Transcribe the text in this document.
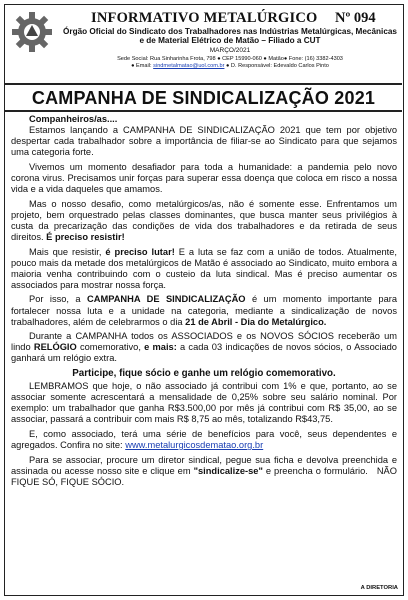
INFORMATIVO METALÚRGICO Nº 094
Órgão Oficial do Sindicato dos Trabalhadores nas Indústrias Metalúrgicas, Mecânicas e de Material Elétrico de Matão – Filiado a CUT
MARÇO/2021
Sede Social: Rua Sinharinha Frota, 798 ● CEP 15990-060 ● Matão● Fone: (16) 3382-4303
● Email: sindmetalmatao@uol.com.br ● D. Responsável: Edevaldo Carlos Pinto
CAMPANHA DE SINDICALIZAÇÃO 2021

Companheiros/as....

Estamos lançando a CAMPANHA DE SINDICALIZAÇÃO 2021 que tem por objetivo despertar cada trabalhador sobre a importância de filiar-se ao Sindicato para que sejamos uma categoria forte.

Vivemos um momento desafiador para toda a humanidade: a pandemia pelo novo corona virus. Precisamos unir forças para superar essa doença que coloca em risco a nossa vida e a vida daqueles que amamos.

Mas o nosso desafio, como metalúrgicos/as, não é somente esse. Enfrentamos um projeto, bem orquestrado pelas classes dominantes, que busca manter seus privilégios à custa da precarização das condições de vida dos trabalhadores e da retirada de seus direitos. É preciso resistir!

Mais que resistir, é preciso lutar! E a luta se faz com a união de todos. Atualmente, pouco mais da metade dos metalúrgicos de Matão é associado ao Sindicato, muito embora a maioria venha contribuindo com o custeio da luta sindical. Mas é preciso aumentar os associados para mostrar nossa força.

Por isso, a CAMPANHA DE SINDICALIZAÇÃO é um momento importante para fortalecer nossa luta e a unidade na categoria, mediante a sindicalização de novos trabalhadores, além de celebrarmos o dia 21 de Abril - Dia do Metalúrgico.

Durante a CAMPANHA todos os ASSOCIADOS e os NOVOS SÓCIOS receberão um lindo RELÓGIO comemorativo, e mais: a cada 03 indicações de novos sócios, o Associado ganhará um relógio extra.

Participe, fique sócio e ganhe um relógio comemorativo.

LEMBRAMOS que hoje, o não associado já contribui com 1% e que, portanto, ao se associar somente acrescentará a mensalidade de 0,25% sobre seu salário nominal. Por exemplo: um trabalhador que ganha R$3.500,00 por mês já contribui com R$ 35,00, ao se associar, passará a contribuir com mais R$ 8,75 ao mês, totalizando R$43,75.

E, como associado, terá uma série de benefícios para você, seus dependentes e agregados. Confira no site: www.metalurgicosdematao.org.br

Para se associar, procure um diretor sindical, pegue sua ficha e devolva preenchida e assinada ou acesse nosso site e clique em "sindicalize-se" e preencha o formulário. NÃO FIQUE SÓ, FIQUE SÓCIO.

A DIRETORIA
